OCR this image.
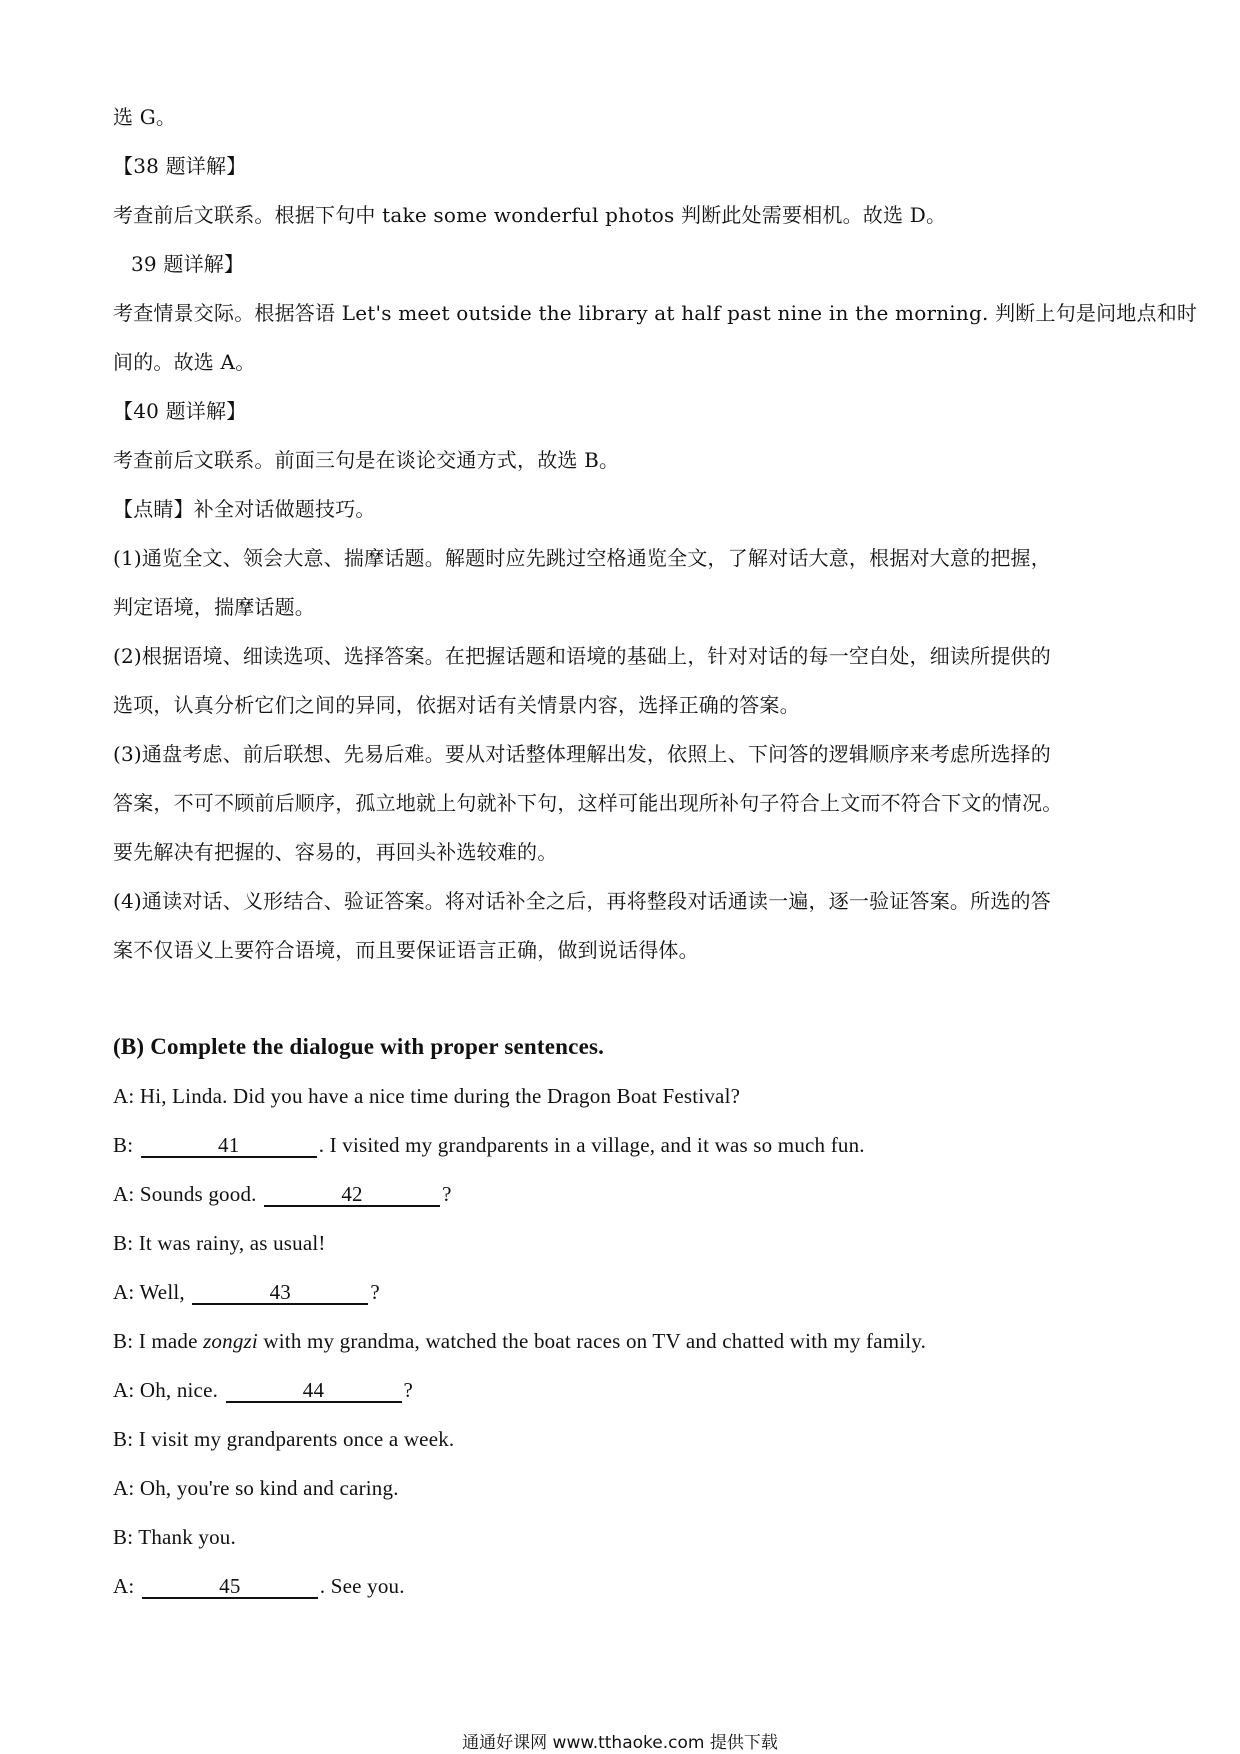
选 G。
【38 题详解】
考查前后文联系。根据下句中 take some wonderful photos 判断此处需要相机。故选 D。
39 题详解】
考查情景交际。根据答语 Let's meet outside the library at half past nine in the morning. 判断上句是问地点和时
间的。故选 A。
【40 题详解】
考查前后文联系。前面三句是在谈论交通方式，故选 B。
【点睛】补全对话做题技巧。
(1)通览全文、领会大意、揣摩话题。解题时应先跳过空格通览全文，了解对话大意，根据对大意的把握，
判定语境，揣摩话题。
(2)根据语境、细读选项、选择答案。在把握话题和语境的基础上，针对对话的每一空白处，细读所提供的
选项，认真分析它们之间的异同，依据对话有关情景内容，选择正确的答案。
(3)通盘考虑、前后联想、先易后难。要从对话整体理解出发，依照上、下问答的逻辑顺序来考虑所选择的
答案，不可不顾前后顺序，孤立地就上句就补下句，这样可能出现所补句子符合上文而不符合下文的情况。
要先解决有把握的、容易的，再回头补选较难的。
(4)通读对话、义形结合、验证答案。将对话补全之后，再将整段对话通读一遍，逐一验证答案。所选的答
案不仅语义上要符合语境，而且要保证语言正确，做到说话得体。
(B) Complete the dialogue with proper sentences.
A: Hi, Linda. Did you have a nice time during the Dragon Boat Festival?
B:	41	. I visited my grandparents in a village, and it was so much fun.
A: Sounds good.	42	?
B: It was rainy, as usual!
A: Well,	43	?
B: I made zongzi with my grandma, watched the boat races on TV and chatted with my family.
A: Oh, nice.	44	?
B: I visit my grandparents once a week.
A: Oh, you're so kind and caring.
B: Thank you.
A:	45	. See you.
通通好课网 www.tthaoke.com 提供下载
